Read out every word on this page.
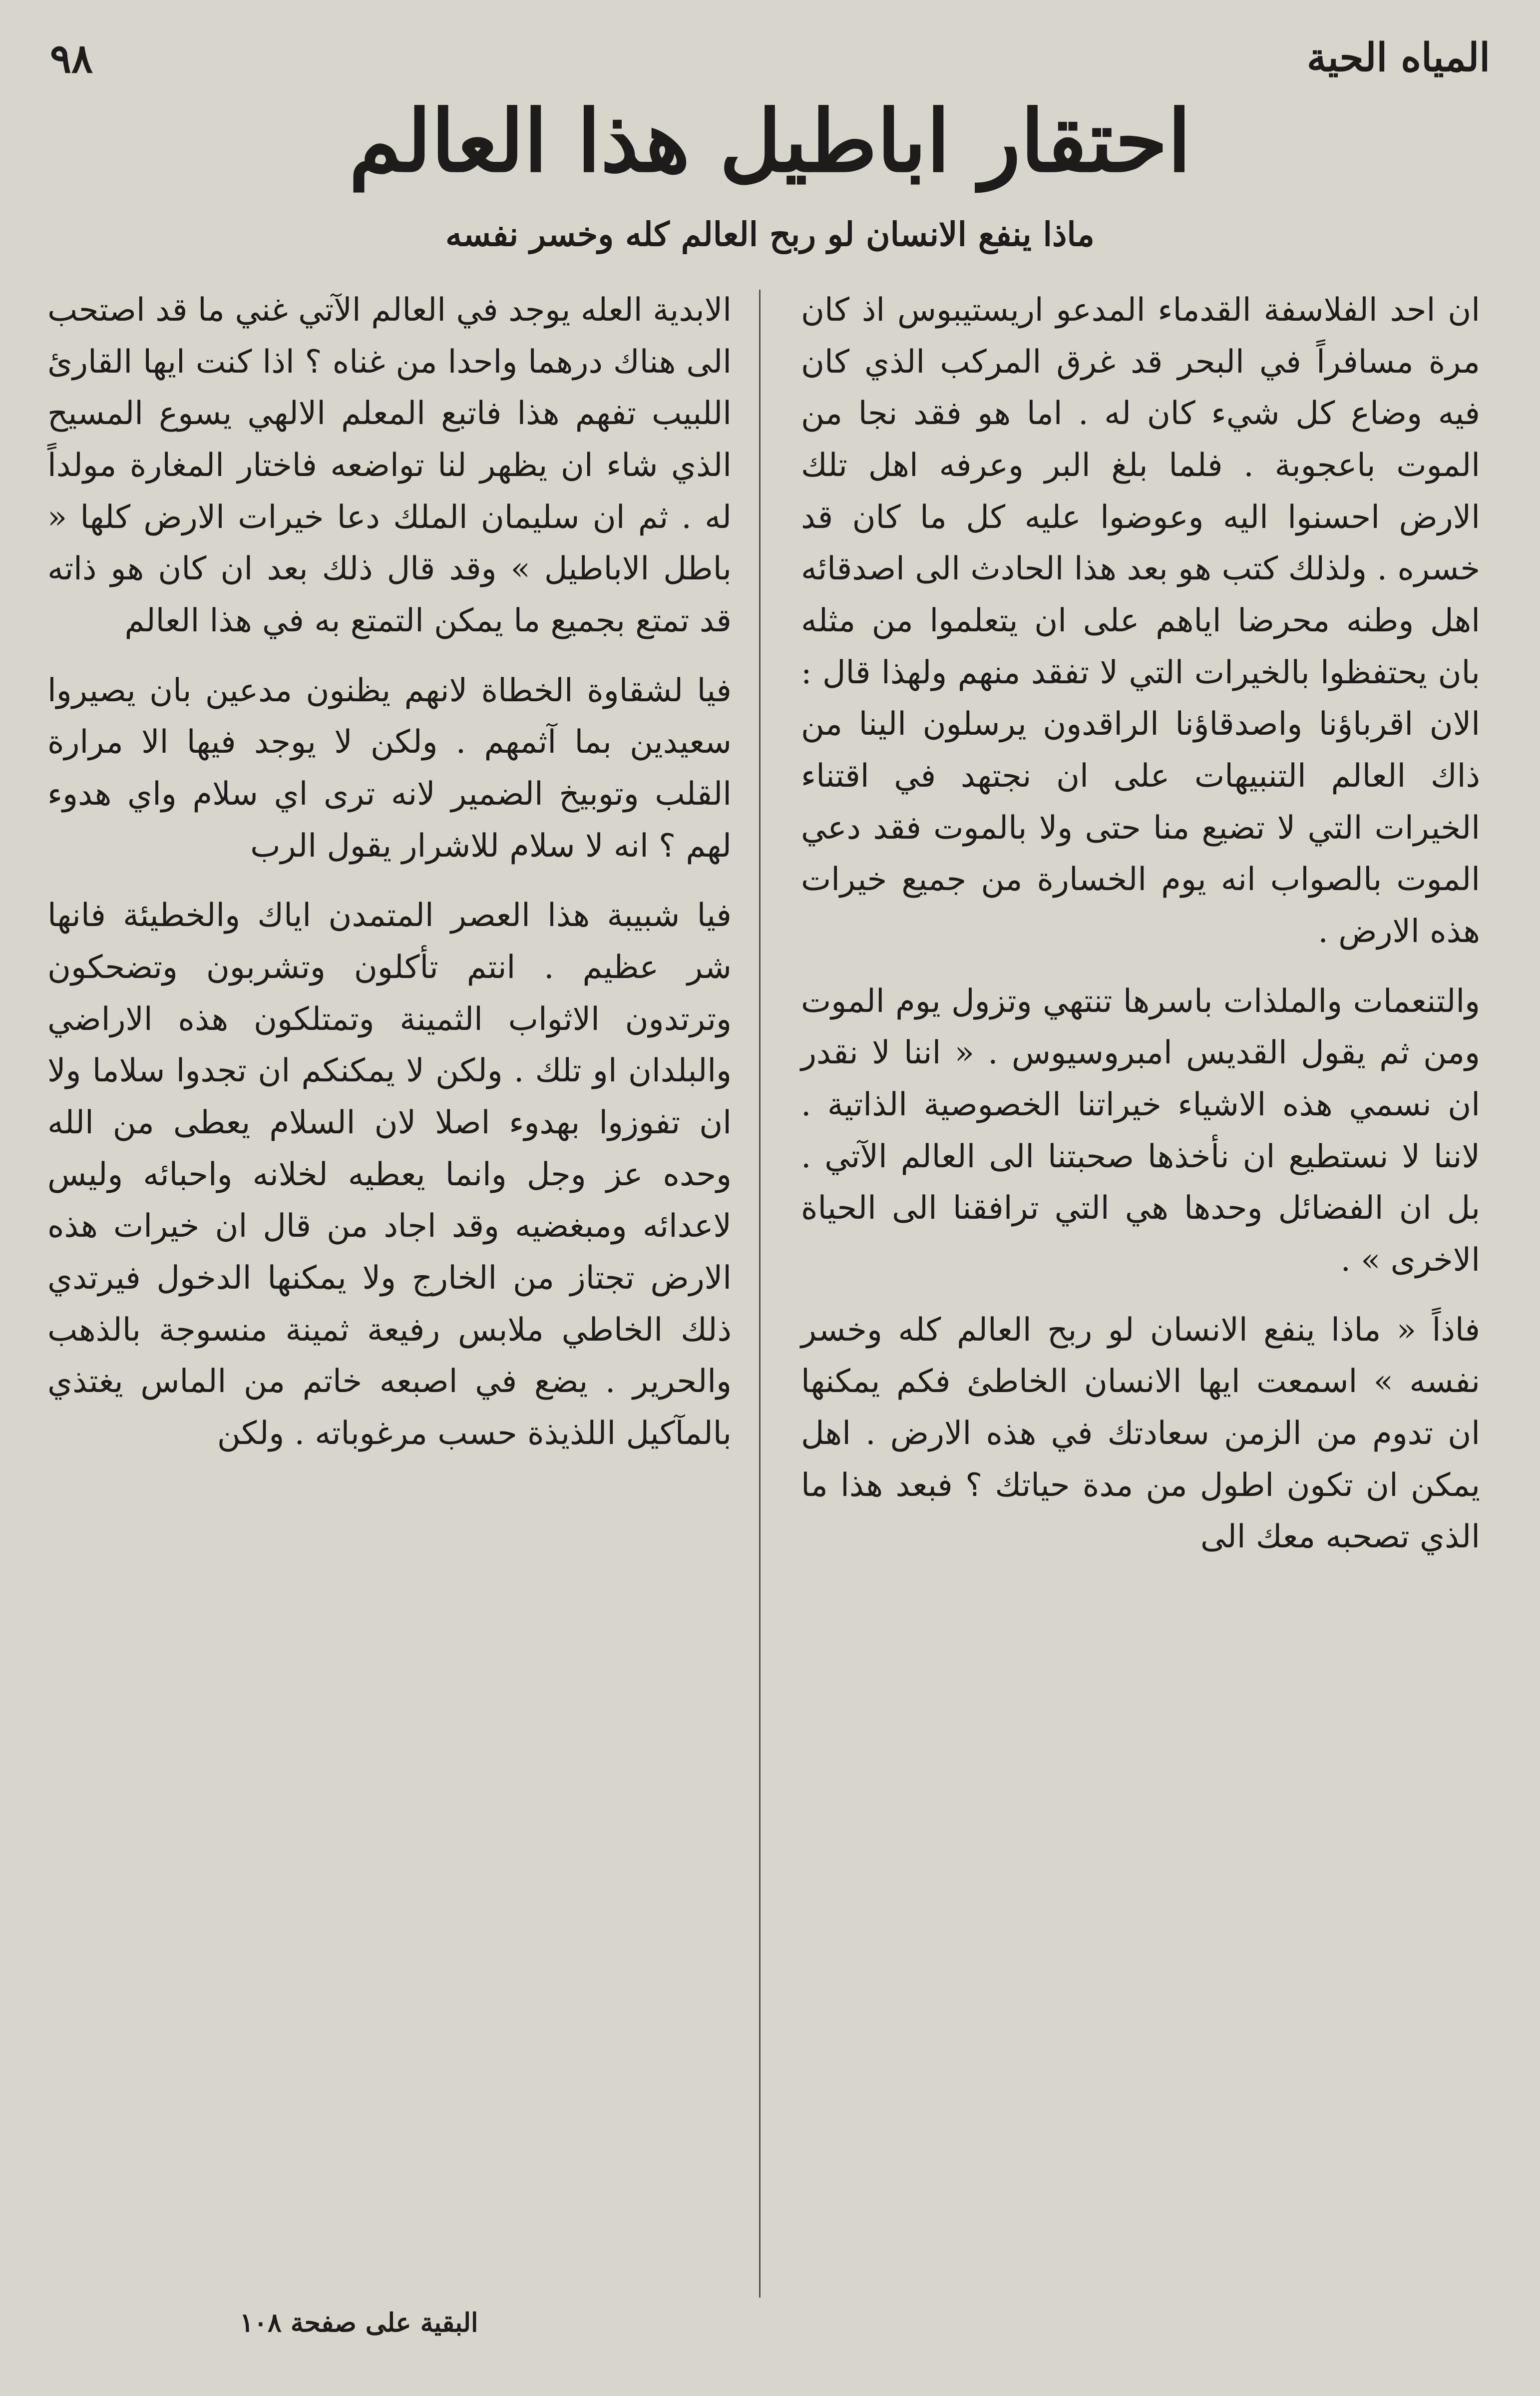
المياه الحية
٩٨
احتقار اباطيل هذا العالم
ماذا ينفع الانسان لو ربح العالم كله وخسر نفسه

ان احد الفلاسفة القدماء المدعو اريستيبوس اذ كان مرة مسافراً في البحر قد غرق المركب الذي كان فيه وضاع كل شيء كان له . اما هو فقد نجا من الموت باعجوبة . فلما بلغ البر وعرفه اهل تلك الارض احسنوا اليه وعوضوا عليه كل ما كان قد خسره . ولذلك كتب هو بعد هذا الحادث الى اصدقائه اهل وطنه محرضا اياهم على ان يتعلموا من مثله بان يحتفظوا بالخيرات التي لا تفقد منهم ولهذا قال : الان اقرباؤنا واصدقاؤنا الراقدون يرسلون الينا من ذاك العالم التنبيهات على ان نجتهد في اقتناء الخيرات التي لا تضيع منا حتى ولا بالموت فقد دعي الموت بالصواب انه يوم الخسارة من جميع خيرات هذه الارض .

والتنعمات والملذات باسرها تنتهي وتزول يوم الموت ومن ثم يقول القديس امبروسيوس . « اننا لا نقدر ان نسمي هذه الاشياء خيراتنا الخصوصية الذاتية . لاننا لا نستطيع ان نأخذها صحبتنا الى العالم الآتي . بل ان الفضائل وحدها هي التي ترافقنا الى الحياة الاخرى » .

فاذاً « ماذا ينفع الانسان لو ربح العالم كله وخسر نفسه » اسمعت ايها الانسان الخاطئ فكم يمكنها ان تدوم من الزمن سعادتك في هذه الارض . اهل يمكن ان تكون اطول من مدة حياتك ؟ فبعد هذا ما الذي تصحبه معك الى

الابدية العله يوجد في العالم الآتي غني ما قد اصتحب الى هناك درهما واحدا من غناه ؟ اذا كنت ايها القارئ اللبيب تفهم هذا فاتبع المعلم الالهي يسوع المسيح الذي شاء ان يظهر لنا تواضعه فاختار المغارة مولداً له . ثم ان سليمان الملك دعا خيرات الارض كلها « باطل الاباطيل » وقد قال ذلك بعد ان كان هو ذاته قد تمتع بجميع ما يمكن التمتع به في هذا العالم

فيا لشقاوة الخطاة لانهم يظنون مدعين بان يصيروا سعيدين بما آثمهم . ولكن لا يوجد فيها الا مرارة القلب وتوبيخ الضمير لانه ترى اي سلام واي هدوء لهم ؟ انه لا سلام للاشرار يقول الرب

فيا شبيبة هذا العصر المتمدن اياك والخطيئة فانها شر عظيم . انتم تأكلون وتشربون وتضحكون وترتدون الاثواب الثمينة وتمتلكون هذه الاراضي والبلدان او تلك . ولكن لا يمكنكم ان تجدوا سلاما ولا ان تفوزوا بهدوء اصلا لان السلام يعطى من الله وحده عز وجل وانما يعطيه لخلانه واحبائه وليس لاعدائه ومبغضيه وقد اجاد من قال ان خيرات هذه الارض تجتاز من الخارج ولا يمكنها الدخول فيرتدي ذلك الخاطي ملابس رفيعة ثمينة منسوجة بالذهب والحرير . يضع في اصبعه خاتم من الماس يغتذي بالمآكيل اللذيذة حسب مرغوباته . ولكن

البقية على صفحة ١٠٨
